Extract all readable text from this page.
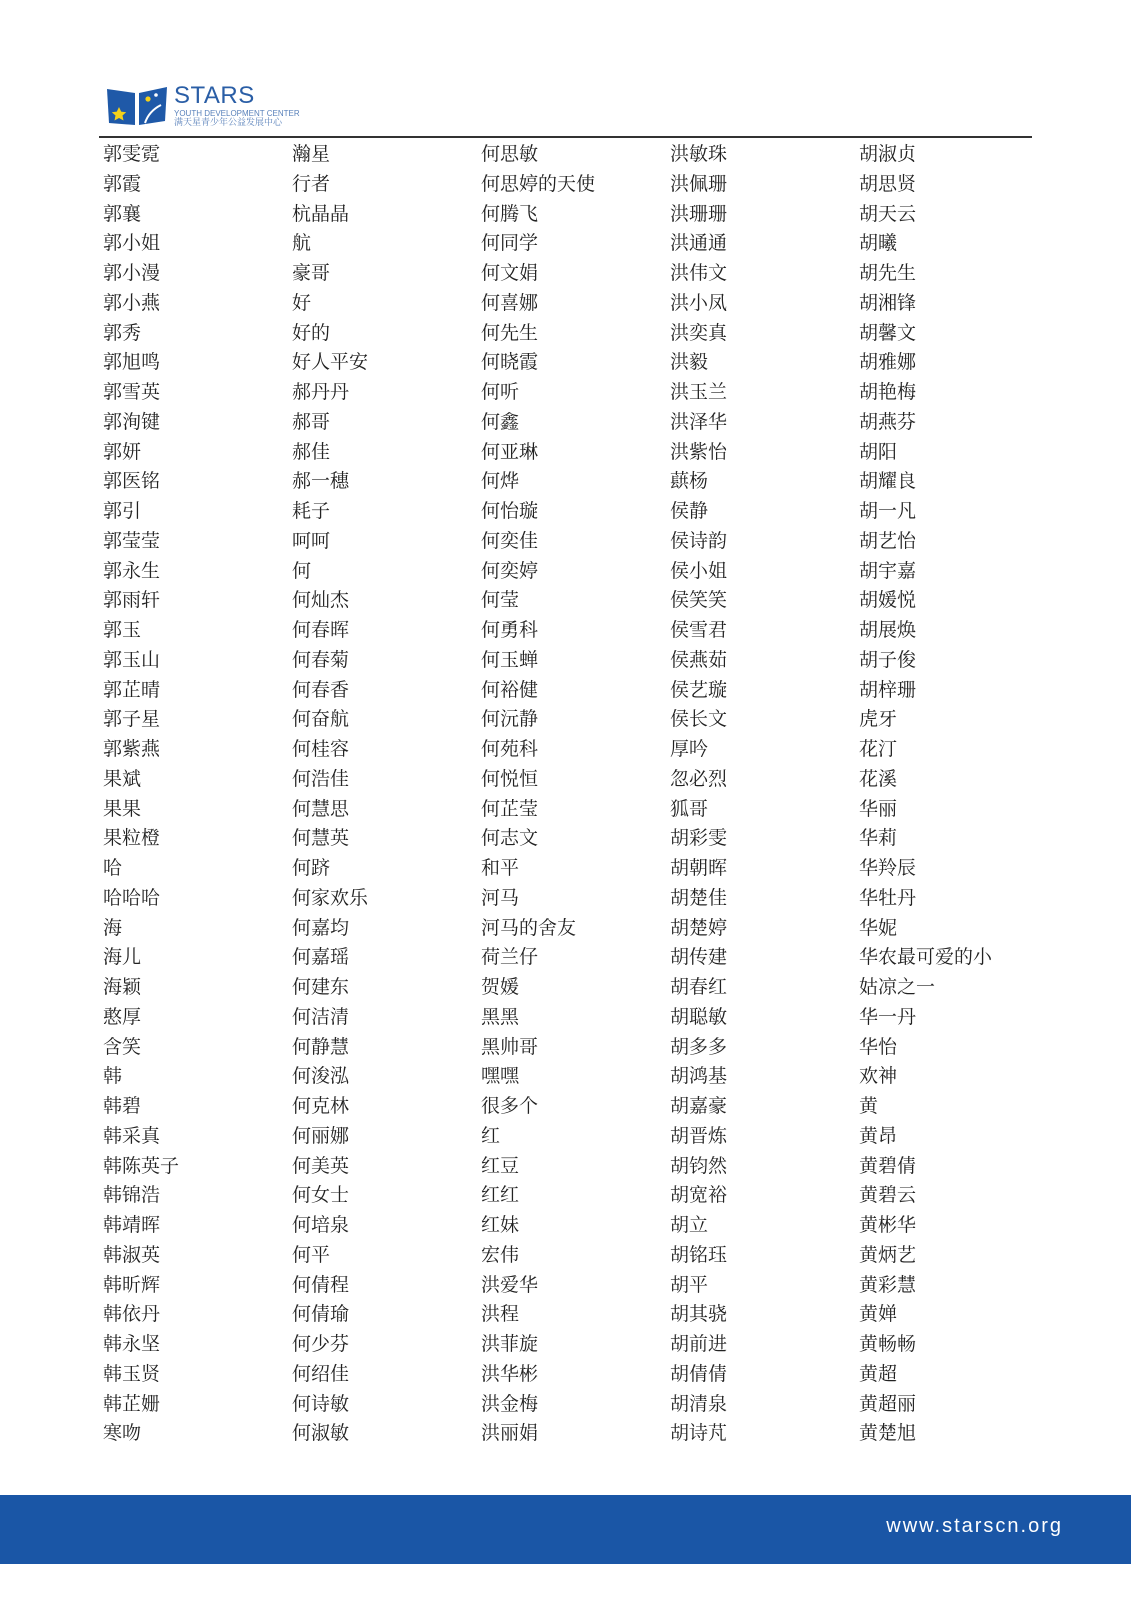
STARS
YOUTH DEVELOPMENT CENTER
满天星青少年公益发展中心
郭雯霓
郭霞
郭襄
郭小姐
郭小漫
郭小燕
郭秀
郭旭鸣
郭雪英
郭洵键
郭妍
郭医铭
郭引
郭莹莹
郭永生
郭雨轩
郭玉
郭玉山
郭芷晴
郭子星
郭紫燕
果斌
果果
果粒橙
哈
哈哈哈
海
海儿
海颖
憨厚
含笑
韩
韩碧
韩采真
韩陈英子
韩锦浩
韩靖晖
韩淑英
韩昕辉
韩依丹
韩永坚
韩玉贤
韩芷姗
寒吻
瀚星
行者
杭晶晶
航
豪哥
好
好的
好人平安
郝丹丹
郝哥
郝佳
郝一穗
耗子
呵呵
何
何灿杰
何春晖
何春菊
何春香
何奋航
何桂容
何浩佳
何慧思
何慧英
何跻
何家欢乐
何嘉均
何嘉瑶
何建东
何洁清
何静慧
何浚泓
何克林
何丽娜
何美英
何女士
何培泉
何平
何倩程
何倩瑜
何少芬
何绍佳
何诗敏
何淑敏
何思敏
何思婷的天使
何腾飞
何同学
何文娟
何喜娜
何先生
何晓霞
何听
何鑫
何亚琳
何烨
何怡璇
何奕佳
何奕婷
何莹
何勇科
何玉蝉
何裕健
何沅静
何苑科
何悦恒
何芷莹
何志文
和平
河马
河马的舍友
荷兰仔
贺媛
黑黑
黑帅哥
嘿嘿
很多个
红
红豆
红红
红妹
宏伟
洪爱华
洪程
洪菲旋
洪华彬
洪金梅
洪丽娟
洪敏珠
洪佩珊
洪珊珊
洪通通
洪伟文
洪小凤
洪奕真
洪毅
洪玉兰
洪泽华
洪紫怡
蕻杨
侯静
侯诗韵
侯小姐
侯笑笑
侯雪君
侯燕茹
侯艺璇
侯长文
厚吟
忽必烈
狐哥
胡彩雯
胡朝晖
胡楚佳
胡楚婷
胡传建
胡春红
胡聪敏
胡多多
胡鸿基
胡嘉豪
胡晋炼
胡钧然
胡宽裕
胡立
胡铭珏
胡平
胡其骁
胡前进
胡倩倩
胡清泉
胡诗芃
胡淑贞
胡思贤
胡天云
胡曦
胡先生
胡湘锋
胡馨文
胡雅娜
胡艳梅
胡燕芬
胡阳
胡耀良
胡一凡
胡艺怡
胡宇嘉
胡媛悦
胡展焕
胡子俊
胡梓珊
虎牙
花汀
花溪
华丽
华莉
华羚辰
华牡丹
华妮
华农最可爱的小
姑凉之一
华一丹
华怡
欢神
黄
黄昂
黄碧倩
黄碧云
黄彬华
黄炳艺
黄彩慧
黄婵
黄畅畅
黄超
黄超丽
黄楚旭
www.starscn.org
